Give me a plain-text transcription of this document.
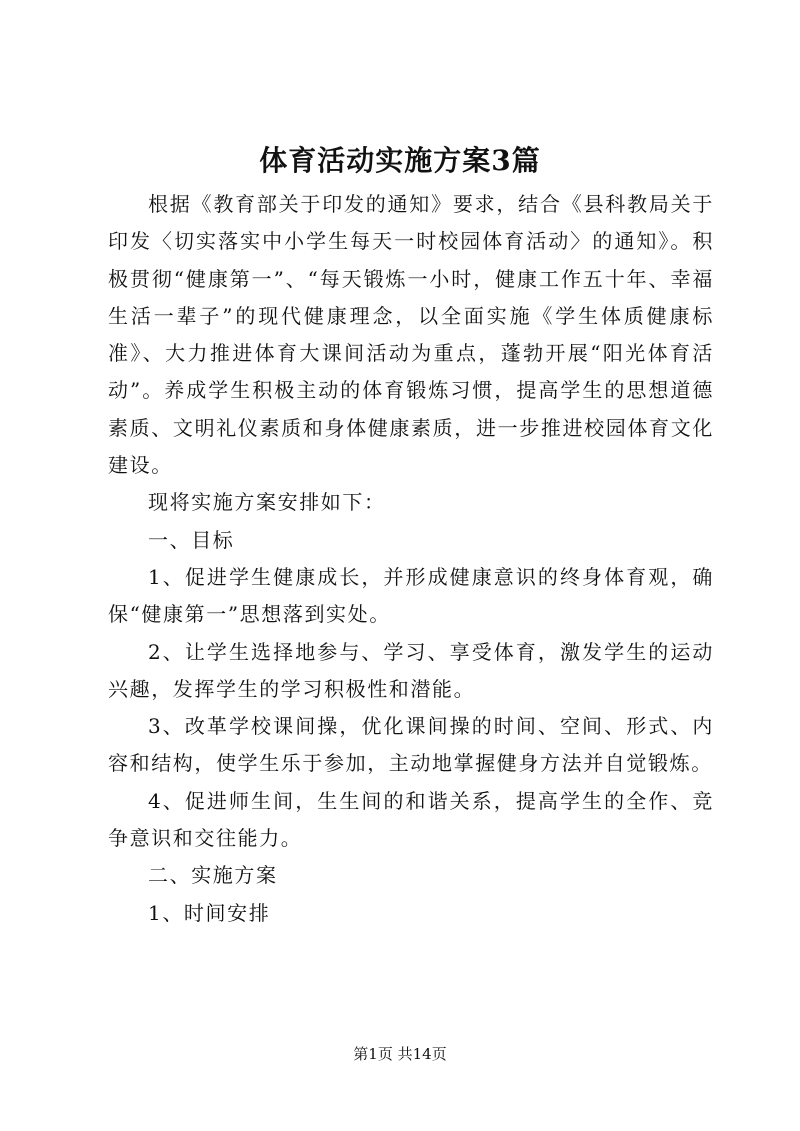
体育活动实施方案3篇

根据《教育部关于印发的通知》要求，结合《县科教局关于印发〈切实落实中小学生每天一时校园体育活动〉的通知》。积极贯彻“健康第一”、“每天锻炼一小时，健康工作五十年、幸福生活一辈子”的现代健康理念，以全面实施《学生体质健康标准》、大力推进体育大课间活动为重点，蓬勃开展“阳光体育活动”。养成学生积极主动的体育锻炼习惯，提高学生的思想道德素质、文明礼仪素质和身体健康素质，进一步推进校园体育文化建设。

现将实施方案安排如下：

一、目标

1、促进学生健康成长，并形成健康意识的终身体育观，确保“健康第一”思想落到实处。

2、让学生选择地参与、学习、享受体育，激发学生的运动兴趣，发挥学生的学习积极性和潜能。

3、改革学校课间操，优化课间操的时间、空间、形式、内容和结构，使学生乐于参加，主动地掌握健身方法并自觉锻炼。

4、促进师生间，生生间的和谐关系，提高学生的全作、竞争意识和交往能力。

二、实施方案

1、时间安排

第1页 共14页
